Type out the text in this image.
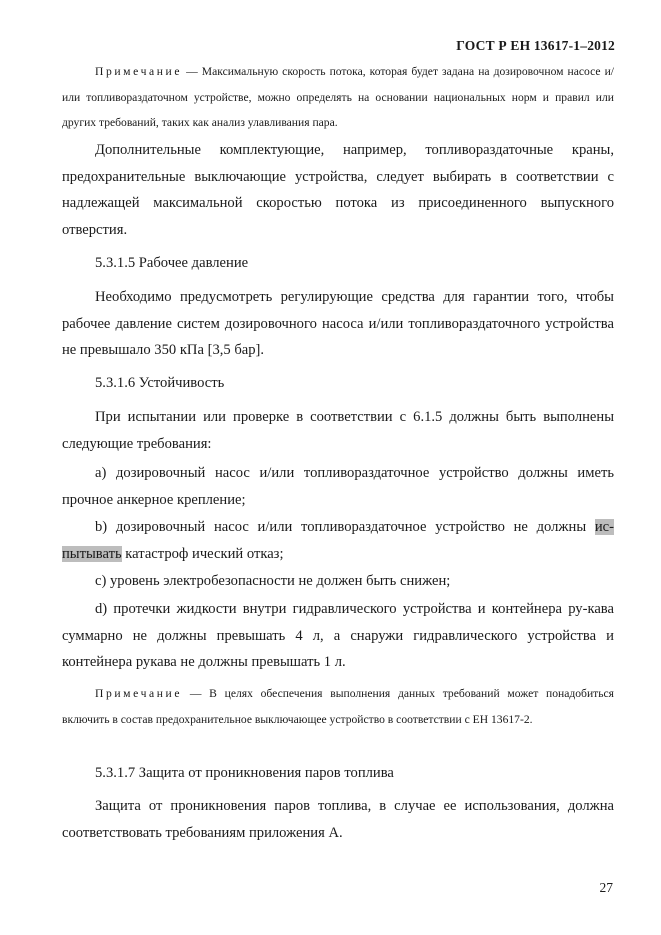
ГОСТ Р ЕН 13617-1–2012
Примечание — Максимальную скорость потока, которая будет задана на дозировочном насосе и/или топливораздаточном устройстве, можно определять на основании национальных норм и правил или других требований, таких как анализ улавливания пара.
Дополнительные комплектующие, например, топливораздаточные краны, предохранительные выключающие устройства, следует выбирать в соответствии с надлежащей максимальной скоростью потока из присоединенного выпускного отверстия.
5.3.1.5 Рабочее давление
Необходимо предусмотреть регулирующие средства для гарантии того, чтобы рабочее давление систем дозировочного насоса и/или топливораздаточного устройства не превышало 350 кПа [3,5 бар].
5.3.1.6 Устойчивость
При испытании или проверке в соответствии с 6.1.5 должны быть выполнены следующие требования:
а) дозировочный насос и/или топливораздаточное устройство должны иметь прочное анкерное крепление;
b) дозировочный насос и/или топливораздаточное устройство не должны ис-пытывать катастроф ический отказ;
c) уровень электробезопасности не должен быть снижен;
d) протечки жидкости внутри гидравлического устройства и контейнера ру-кава суммарно не должны превышать 4 л, а снаружи гидравлического устройства и контейнера рукава не должны превышать 1 л.
Примечание — В целях обеспечения выполнения данных требований может понадобиться включить в состав предохранительное выключающее устройство в соответствии с ЕН 13617-2.
5.3.1.7 Защита от проникновения паров топлива
Защита от проникновения паров топлива, в случае ее использования, должна соответствовать требованиям приложения А.
27
